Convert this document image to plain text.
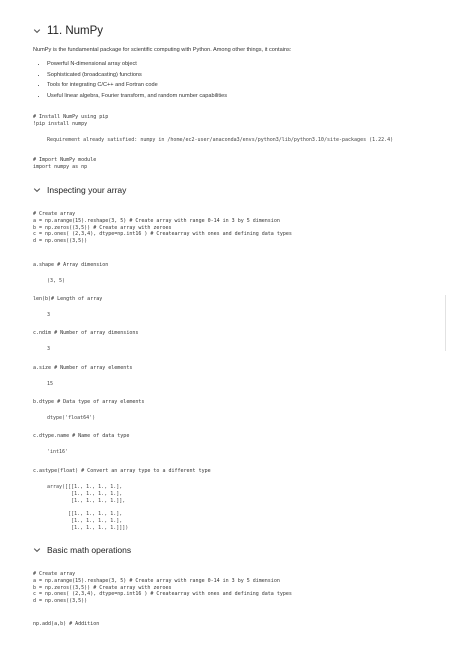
11. NumPy
NumPy is the fundamental package for scientific computing with Python. Among other things, it contains:
• Powerful N-dimensional array object
• Sophisticated (broadcasting) functions
• Tools for integrating C/C++ and Fortran code
• Useful linear algebra, Fourier transform, and random number capabilities
# Install NumPy using pip
!pip install numpy
Requirement already satisfied: numpy in /home/ec2-user/anaconda3/envs/python3/lib/python3.10/site-packages (1.22.4)
# Import NumPy module
import numpy as np
Inspecting your array
# Create array
a = np.arange(15).reshape(3, 5) # Create array with range 0-14 in 3 by 5 dimension
b = np.zeros((3,5)) # Create array with zeroes
c = np.ones( (2,3,4), dtype=np.int16 ) # Createarray with ones and defining data types
d = np.ones((3,5))
a.shape # Array dimension
(3, 5)
len(b)# Length of array
3
c.ndim # Number of array dimensions
3
a.size # Number of array elements
15
b.dtype # Data type of array elements
dtype('float64')
c.dtype.name # Name of data type
'int16'
c.astype(float) # Convert an array type to a different type
array([[[1., 1., 1., 1.],
[1., 1., 1., 1.],
[1., 1., 1., 1.]],

[[1., 1., 1., 1.],
[1., 1., 1., 1.],
[1., 1., 1., 1.]]])
Basic math operations
# Create array
a = np.arange(15).reshape(3, 5) # Create array with range 0-14 in 3 by 5 dimension
b = np.zeros((3,5)) # Create array with zeroes
c = np.ones( (2,3,4), dtype=np.int16 ) # Createarray with ones and defining data types
d = np.ones((3,5))
np.add(a,b) # Addition
